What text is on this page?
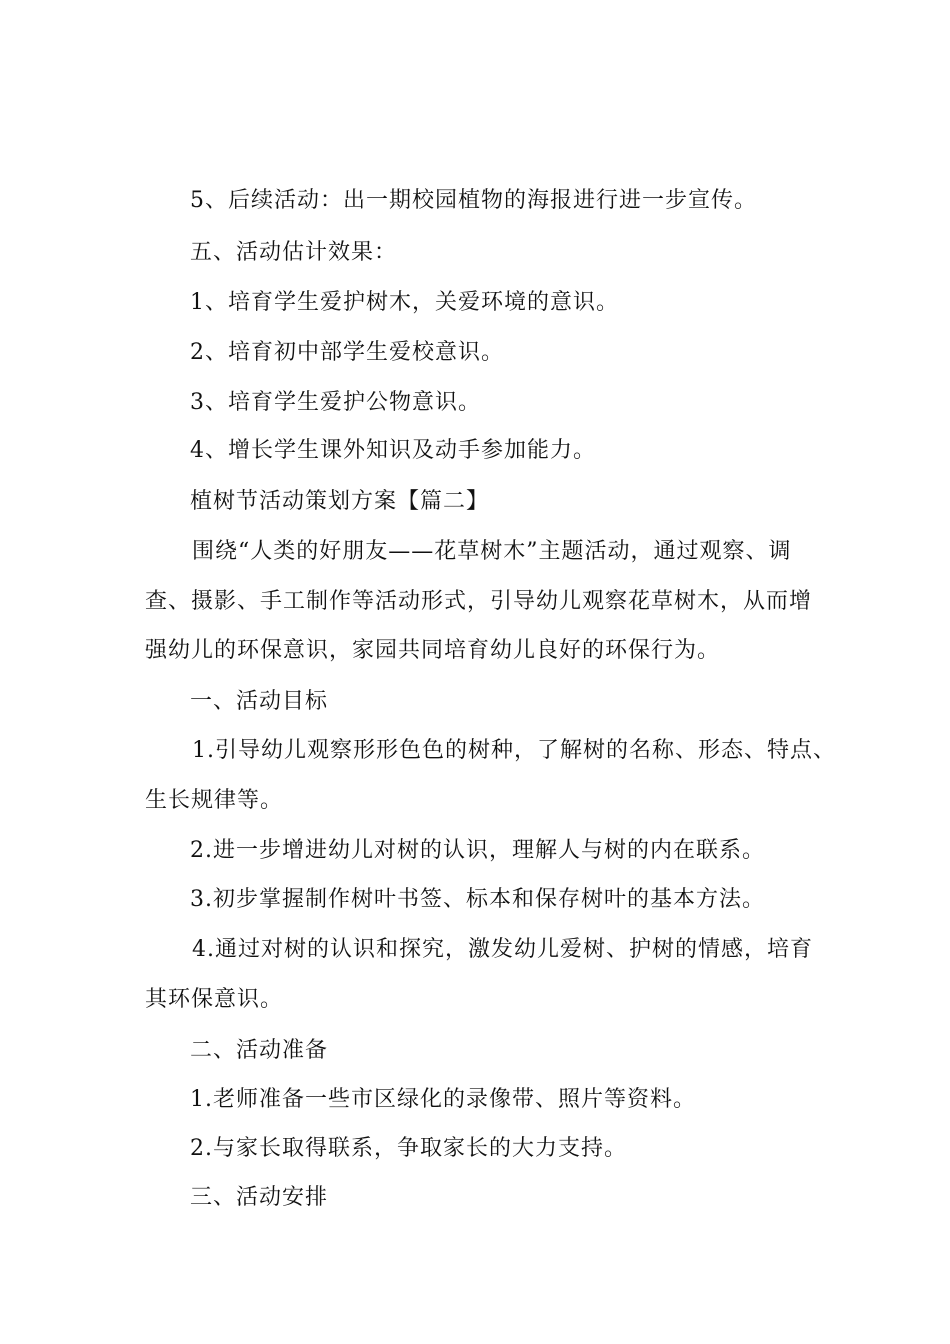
5、后续活动：出一期校园植物的海报进行进一步宣传。
五、活动估计效果：
1、培育学生爱护树木，关爱环境的意识。
2、培育初中部学生爱校意识。
3、培育学生爱护公物意识。
4、增长学生课外知识及动手参加能力。
植树节活动策划方案【篇二】
围绕“人类的好朋友——花草树木”主题活动，通过观察、调
查、摄影、手工制作等活动形式，引导幼儿观察花草树木，从而增
强幼儿的环保意识，家园共同培育幼儿良好的环保行为。
一、活动目标
1.引导幼儿观察形形色色的树种，了解树的名称、形态、特点、
生长规律等。
2.进一步增进幼儿对树的认识，理解人与树的内在联系。
3.初步掌握制作树叶书签、标本和保存树叶的基本方法。
4.通过对树的认识和探究，激发幼儿爱树、护树的情感，培育
其环保意识。
二、活动准备
1.老师准备一些市区绿化的录像带、照片等资料。
2.与家长取得联系，争取家长的大力支持。
三、活动安排
